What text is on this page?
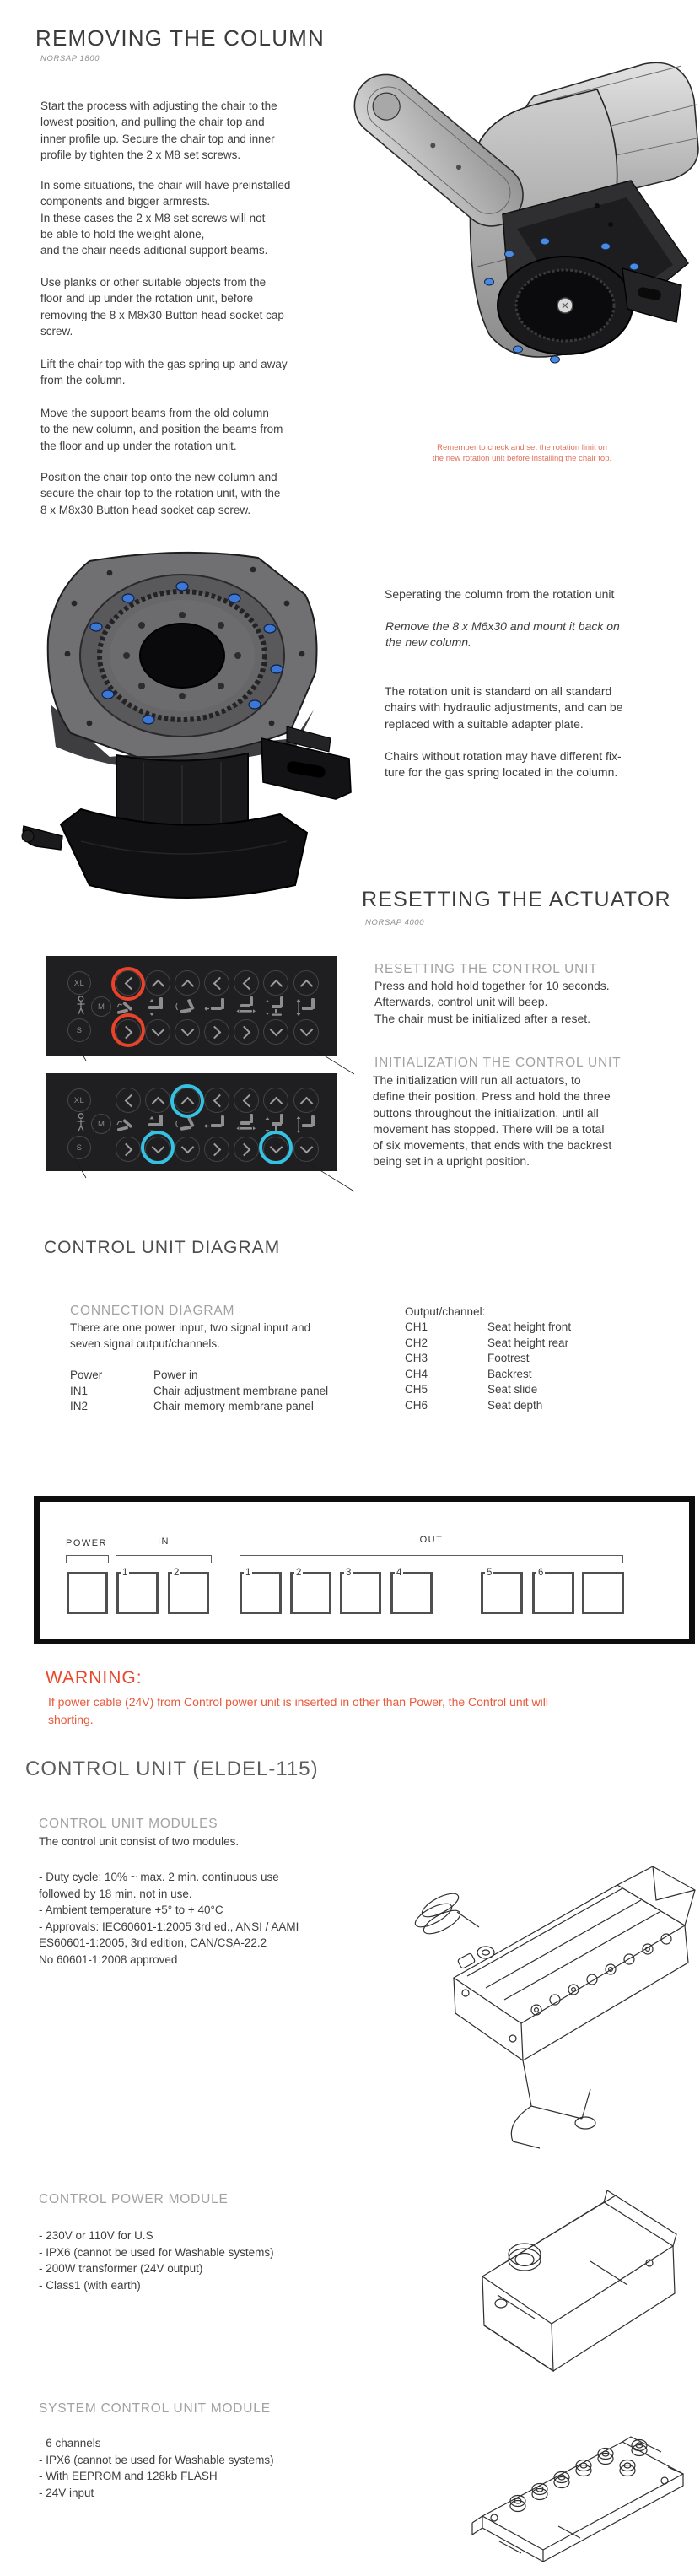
REMOVING THE COLUMN
NORSAP 1800
Start the process with adjusting the chair to the
lowest position, and pulling the chair top and
inner profile up. Secure the chair top and inner
profile by tighten the 2 x M8 set screws.
In some situations, the chair will have preinstalled
components and bigger armrests.
In these cases the 2 x M8 set screws will not
be able to hold the weight alone,
and the chair needs aditional support beams.
Use planks or other suitable objects from the
floor and up under the rotation unit, before
removing the 8 x M8x30 Button head socket cap
screw.
Lift the chair top with the gas spring up and away
from the column.
Move the support beams from the old column
to the new column, and position the beams from
the floor and up under the rotation unit.
Position the chair top onto the new column and
secure the chair top to the rotation unit, with the
8 x M8x30 Button head socket cap screw.
Remember to check and set the rotation limit on
the new rotation unit before installing the chair top.
Seperating the column from the rotation unit
Remove the 8 x M6x30 and mount it back on
the new column.
The rotation unit is standard on all standard
chairs with hydraulic adjustments, and can be
replaced with a suitable adapter plate.
Chairs without rotation may have different fix-
ture for the gas spring located in the column.
RESETTING THE ACTUATOR
NORSAP 4000
XL
M
S
XL
M
S
RESETTING THE CONTROL UNIT
Press and hold hold together for 10 seconds.
Afterwards, control unit will beep.
The chair must be initialized after a reset.
INITIALIZATION THE CONTROL UNIT
The initialization will run all actuators, to
define their position. Press and hold the three
buttons throughout the initialization, until all
movement has stopped. There will be a total
of six movements, that ends with the backrest
being set in a upright position.
CONTROL UNIT DIAGRAM
CONNECTION DIAGRAM
There are one power input, two signal input and
seven signal output/channels.
Power	Power in
IN1	Chair adjustment membrane panel
IN2	Chair memory membrane panel
Output/channel:
CH1	Seat height front
CH2	Seat height rear
CH3	Footrest
CH4	Backrest
CH5	Seat slide
CH6	Seat depth
POWER	IN	OUT
1	2	1	2	3	4	5	6
WARNING:
If power cable (24V) from Control power unit is inserted in other than Power, the Control unit will
shorting.
CONTROL UNIT (ELDEL-115)
CONTROL UNIT MODULES
The control unit consist of two modules.
- Duty cycle: 10% ~ max. 2 min. continuous use
followed by 18 min. not in use.
- Ambient temperature +5° to + 40°C
- Approvals: IEC60601-1:2005 3rd ed., ANSI / AAMI
ES60601-1:2005, 3rd edition, CAN/CSA-22.2
No 60601-1:2008 approved
CONTROL POWER MODULE
- 230V or 110V for U.S
- IPX6 (cannot be used for Washable systems)
- 200W transformer (24V output)
- Class1 (with earth)
SYSTEM CONTROL UNIT MODULE
- 6 channels
- IPX6 (cannot be used for Washable systems)
- With EEPROM and 128kb FLASH
- 24V input
